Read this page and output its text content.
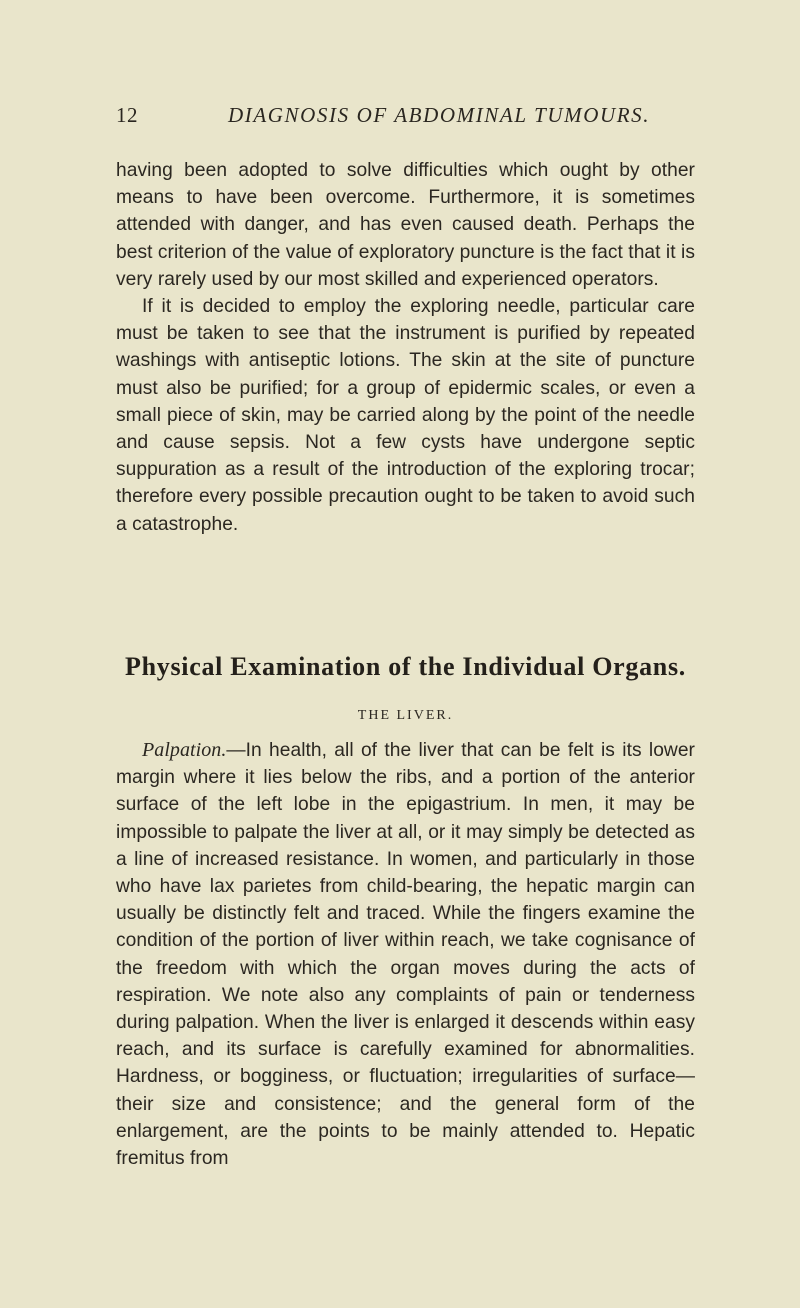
12	DIAGNOSIS OF ABDOMINAL TUMOURS.

having been adopted to solve difficulties which ought by other means to have been overcome. Furthermore, it is sometimes attended with danger, and has even caused death. Perhaps the best criterion of the value of exploratory puncture is the fact that it is very rarely used by our most skilled and experienced operators.

If it is decided to employ the exploring needle, particular care must be taken to see that the instrument is purified by repeated washings with antiseptic lotions. The skin at the site of puncture must also be purified; for a group of epidermic scales, or even a small piece of skin, may be carried along by the point of the needle and cause sepsis. Not a few cysts have undergone septic suppuration as a result of the introduction of the exploring trocar; therefore every possible precaution ought to be taken to avoid such a catastrophe.

Physical Examination of the Individual Organs.
THE LIVER.

Palpation.—In health, all of the liver that can be felt is its lower margin where it lies below the ribs, and a portion of the anterior surface of the left lobe in the epigastrium. In men, it may be impossible to palpate the liver at all, or it may simply be detected as a line of increased resistance. In women, and particularly in those who have lax parietes from child-bearing, the hepatic margin can usually be distinctly felt and traced. While the fingers examine the condition of the portion of liver within reach, we take cognisance of the freedom with which the organ moves during the acts of respiration. We note also any complaints of pain or tenderness during palpation. When the liver is enlarged it descends within easy reach, and its surface is carefully examined for abnormalities. Hardness, or bogginess, or fluctuation; irregularities of surface—their size and consistence; and the general form of the enlargement, are the points to be mainly attended to. Hepatic fremitus from
